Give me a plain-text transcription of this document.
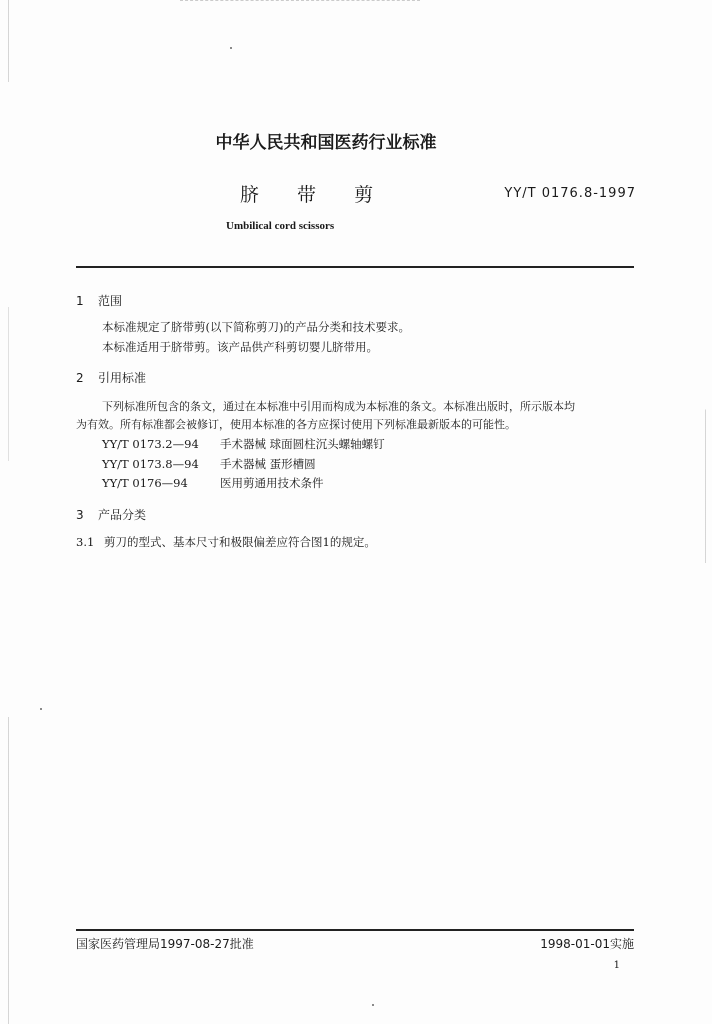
中华人民共和国医药行业标准
脐 带 剪	YY/T 0176.8-1997
Umbilical cord scissors
1 范围
本标准规定了脐带剪(以下简称剪刀)的产品分类和技术要求。
本标准适用于脐带剪。该产品供产科剪切婴儿脐带用。
2 引用标准
下列标准所包含的条文，通过在本标准中引用而构成为本标准的条文。本标准出版时，所示版本均
为有效。所有标准都会被修订，使用本标准的各方应探讨使用下列标准最新版本的可能性。
YY/T 0173.2—94 手术器械 球面圆柱沉头螺轴螺钉
YY/T 0173.8—94 手术器械 蛋形槽圆
YY/T 0176—94	医用剪通用技术条件
3 产品分类
3.1 剪刀的型式、基本尺寸和极限偏差应符合图1的规定。
国家医药管理局1997-08-27批准	1998-01-01实施
1
